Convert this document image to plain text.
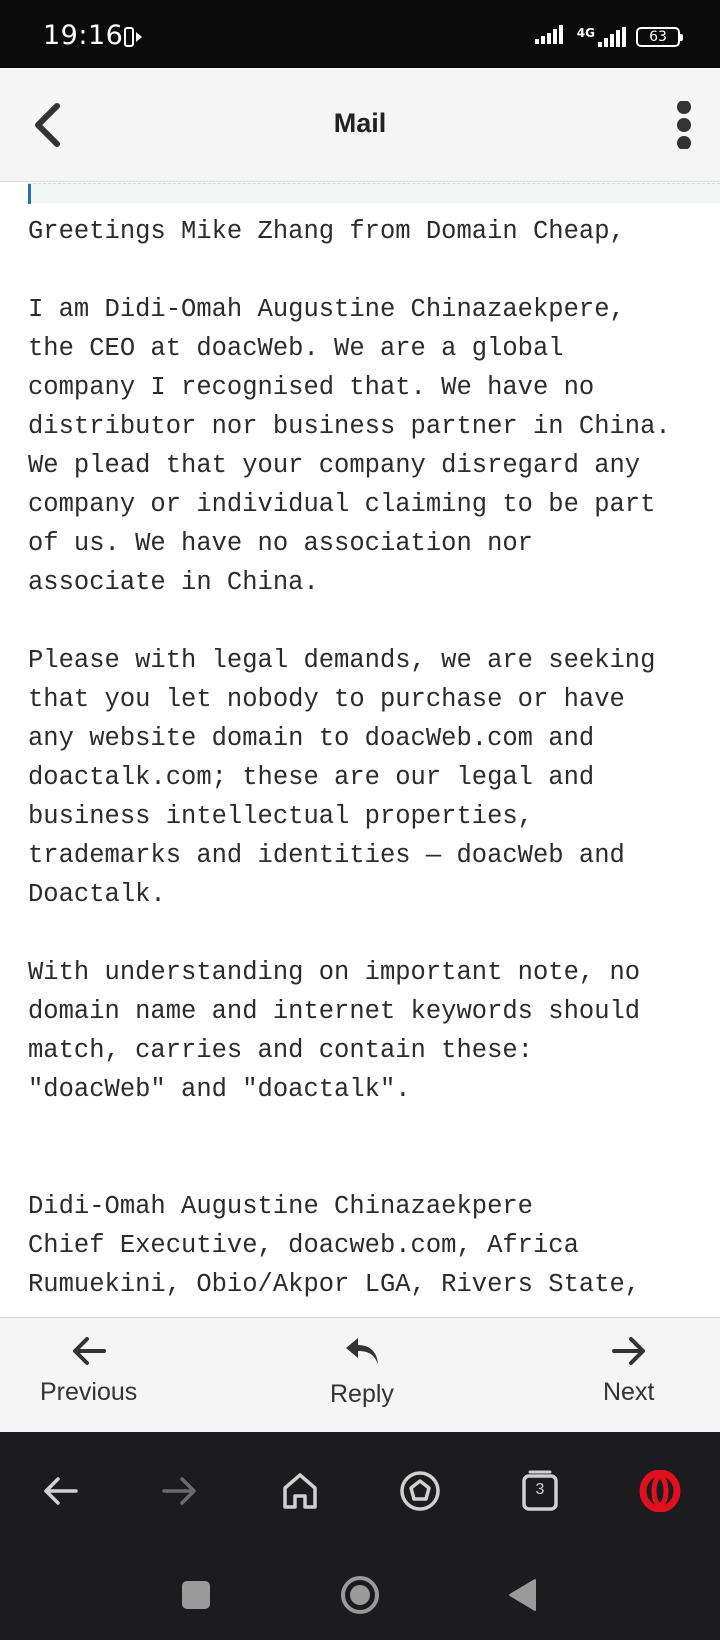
19:16	4G	63
Mail
Greetings Mike Zhang from Domain Cheap,

I am Didi-Omah Augustine Chinazaekpere,
the CEO at doacWeb. We are a global
company I recognised that. We have no
distributor nor business partner in China.
We plead that your company disregard any
company or individual claiming to be part
of us. We have no association nor
associate in China.

Please with legal demands, we are seeking
that you let nobody to purchase or have
any website domain to doacWeb.com and
doactalk.com; these are our legal and
business intellectual properties,
trademarks and identities — doacWeb and
Doactalk.

With understanding on important note, no
domain name and internet keywords should
match, carries and contain these:
"doacWeb" and "doactalk".

Didi-Omah Augustine Chinazaekpere
Chief Executive, doacweb.com, Africa
Rumuekini, Obio/Akpor LGA, Rivers State,
Previous	Reply	Next
3
